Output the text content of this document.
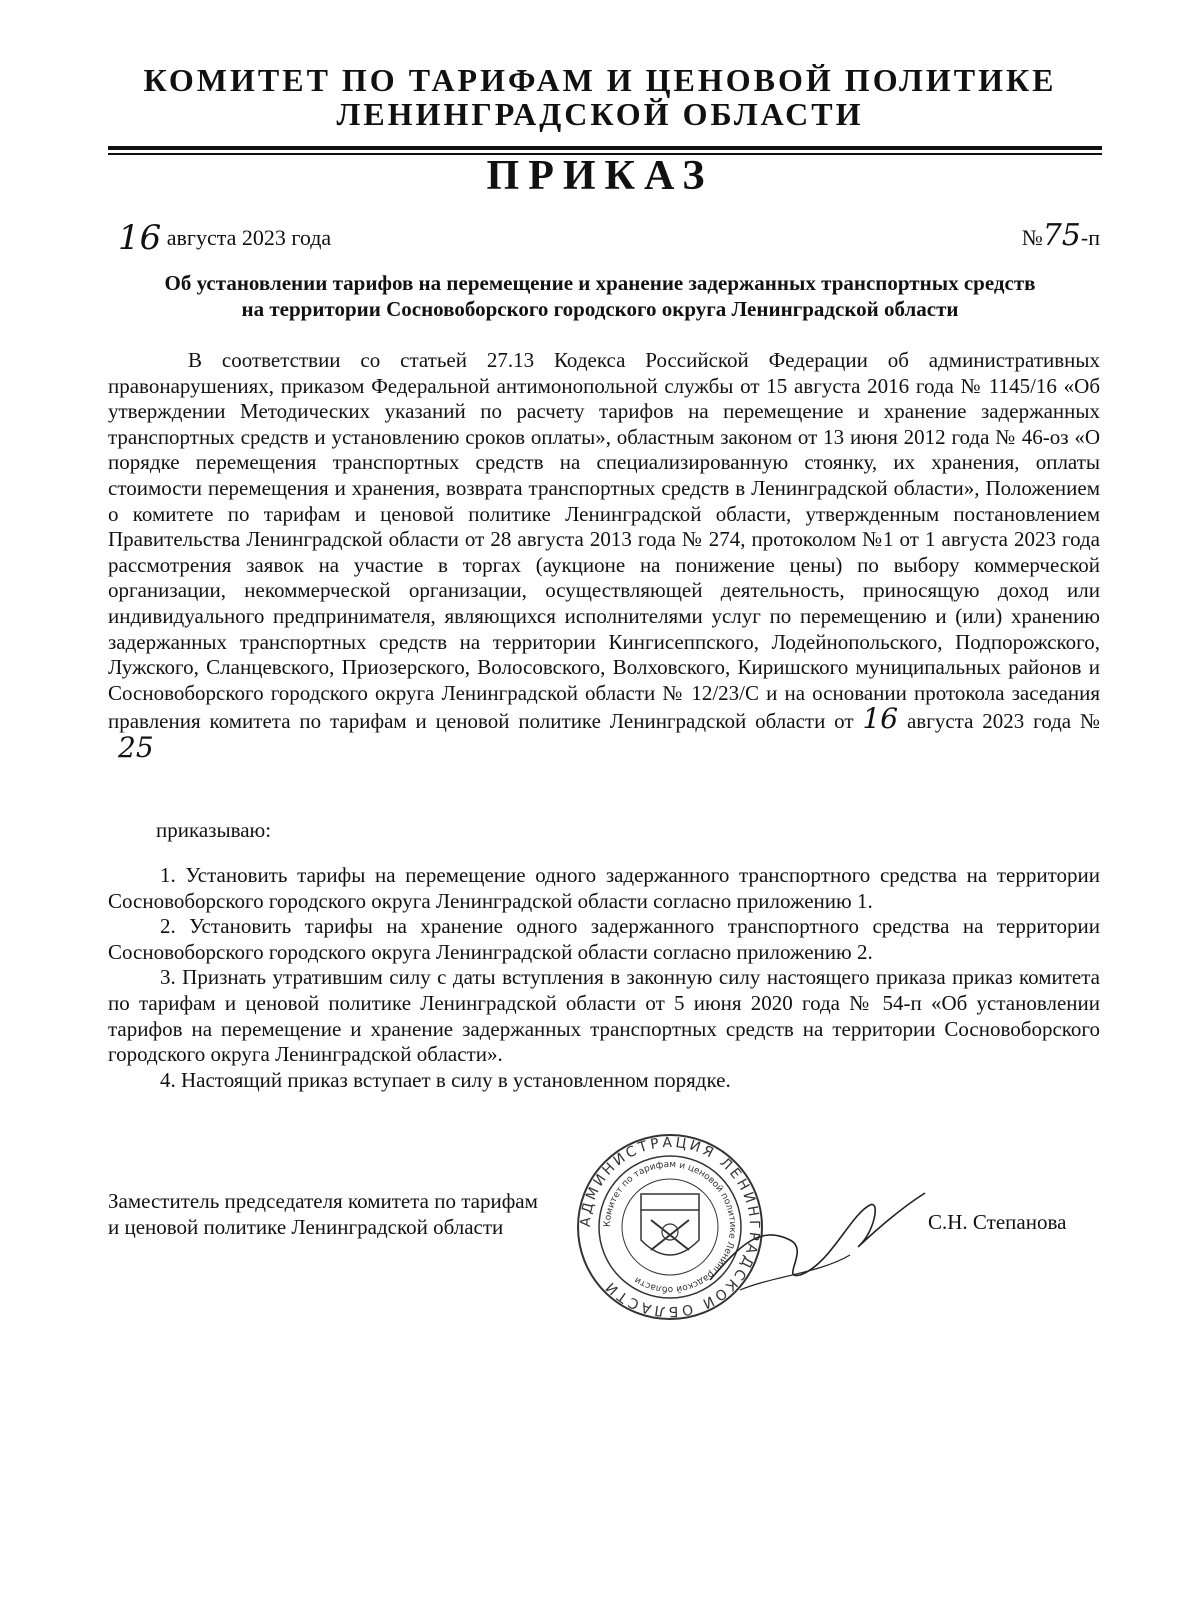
КОМИТЕТ ПО ТАРИФАМ И ЦЕНОВОЙ ПОЛИТИКЕ
ЛЕНИНГРАДСКОЙ ОБЛАСТИ
ПРИКАЗ
16 августа 2023 года	№75-п
Об установлении тарифов на перемещение и хранение задержанных транспортных средств
на территории Сосновоборского городского округа Ленинградской области
В соответствии со статьей 27.13 Кодекса Российской Федерации об административных правонарушениях, приказом Федеральной антимонопольной службы от 15 августа 2016 года № 1145/16 «Об утверждении Методических указаний по расчету тарифов на перемещение и хранение задержанных транспортных средств и установлению сроков оплаты», областным законом от 13 июня 2012 года № 46-оз «О порядке перемещения транспортных средств на специализированную стоянку, их хранения, оплаты стоимости перемещения и хранения, возврата транспортных средств в Ленинградской области», Положением о комитете по тарифам и ценовой политике Ленинградской области, утвержденным постановлением Правительства Ленинградской области от 28 августа 2013 года № 274, протоколом №1 от 1 августа 2023 года рассмотрения заявок на участие в торгах (аукционе на понижение цены) по выбору коммерческой организации, некоммерческой организации, осуществляющей деятельность, приносящую доход или индивидуального предпринимателя, являющихся исполнителями услуг по перемещению и (или) хранению задержанных транспортных средств на территории Кингисеппского, Лодейнопольского, Подпорожского, Лужского, Сланцевского, Приозерского, Волосовского, Волховского, Киришского муниципальных районов и Сосновоборского городского округа Ленинградской области № 12/23/С и на основании протокола заседания правления комитета по тарифам и ценовой политике Ленинградской области от 16 августа 2023 года № 25
приказываю:

1. Установить тарифы на перемещение одного задержанного транспортного средства на территории Сосновоборского городского округа Ленинградской области согласно приложению 1.

2. Установить тарифы на хранение одного задержанного транспортного средства на территории Сосновоборского городского округа Ленинградской области согласно приложению 2.

3. Признать утратившим силу с даты вступления в законную силу настоящего приказа приказ комитета по тарифам и ценовой политике Ленинградской области от 5 июня 2020 года № 54-п «Об установлении тарифов на перемещение и хранение задержанных транспортных средств на территории Сосновоборского городского округа Ленинградской области».

4. Настоящий приказ вступает в силу в установленном порядке.

Заместитель председателя комитета по тарифам
и ценовой политике Ленинградской области	С.Н. Степанова
АДМИНИСТРАЦИЯ ЛЕНИНГРАДСКОЙ ОБЛАСТИ
Комитет по тарифам и ценовой политике Ленинградской области
